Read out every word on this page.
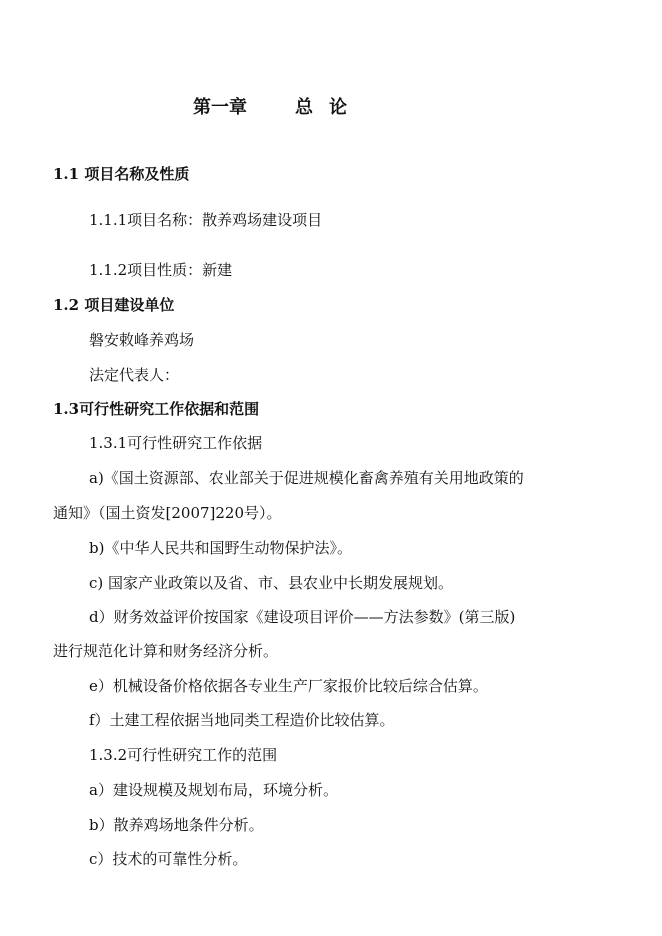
第一章	总 论
1.1 项目名称及性质
1.1.1项目名称：散养鸡场建设项目
1.1.2项目性质：新建
1.2 项目建设单位
磐安敕峰养鸡场
法定代表人：
1.3可行性研究工作依据和范围
1.3.1可行性研究工作依据
a)《国土资源部、农业部关于促进规模化畜禽养殖有关用地政策的
通知》（国土资发[2007]220号）。
b)《中华人民共和国野生动物保护法》。
c) 国家产业政策以及省、市、县农业中长期发展规划。
d）财务效益评价按国家《建设项目评价——方法参数》(第三版)
进行规范化计算和财务经济分析。
e）机械设备价格依据各专业生产厂家报价比较后综合估算。
f）土建工程依据当地同类工程造价比较估算。
1.3.2可行性研究工作的范围
a）建设规模及规划布局，环境分析。
b）散养鸡场地条件分析。
c）技术的可靠性分析。
